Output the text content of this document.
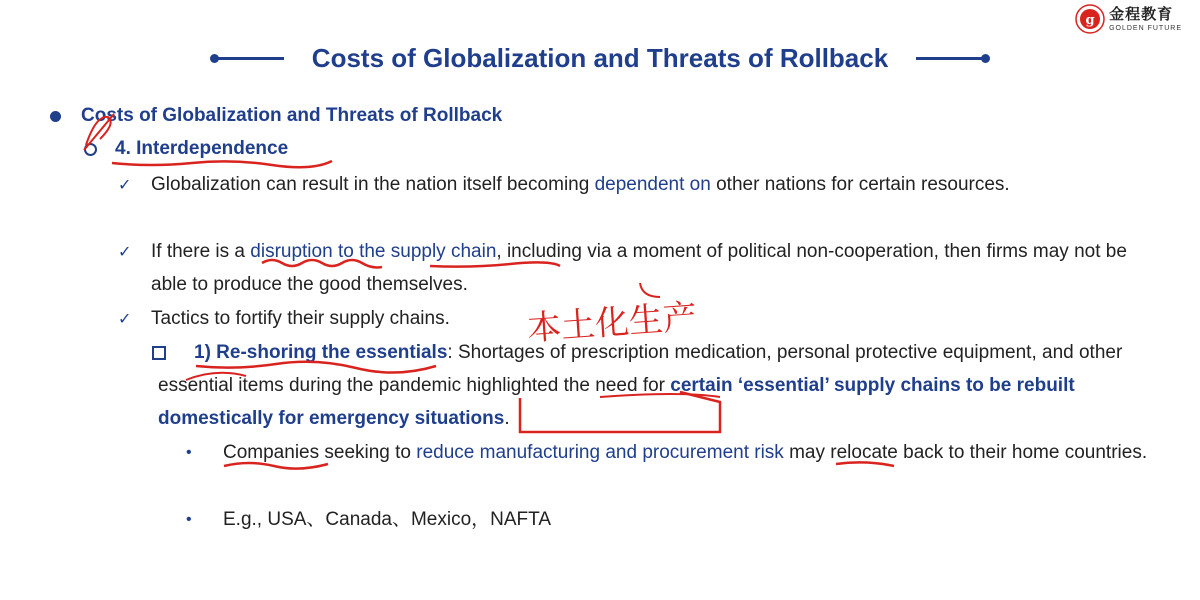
g 金程教育
GOLDEN FUTURE
Costs of Globalization and Threats of Rollback
Costs of Globalization and Threats of Rollback
4. Interdependence
✓	Globalization can result in the nation itself becoming dependent on other nations for certain resources.
✓	If there is a disruption to the supply chain, including via a moment of political non-cooperation, then firms may not be able to produce the good themselves.
✓	Tactics to fortify their supply chains.
1) Re-shoring the essentials: Shortages of prescription medication, personal protective equipment, and other essential items during the pandemic highlighted the need for certain ‘essential’ supply chains to be rebuilt domestically for emergency situations.
•	Companies seeking to reduce manufacturing and procurement risk may relocate back to their home countries.
•	E.g., USA、Canada、Mexico，NAFTA
本土化生产
